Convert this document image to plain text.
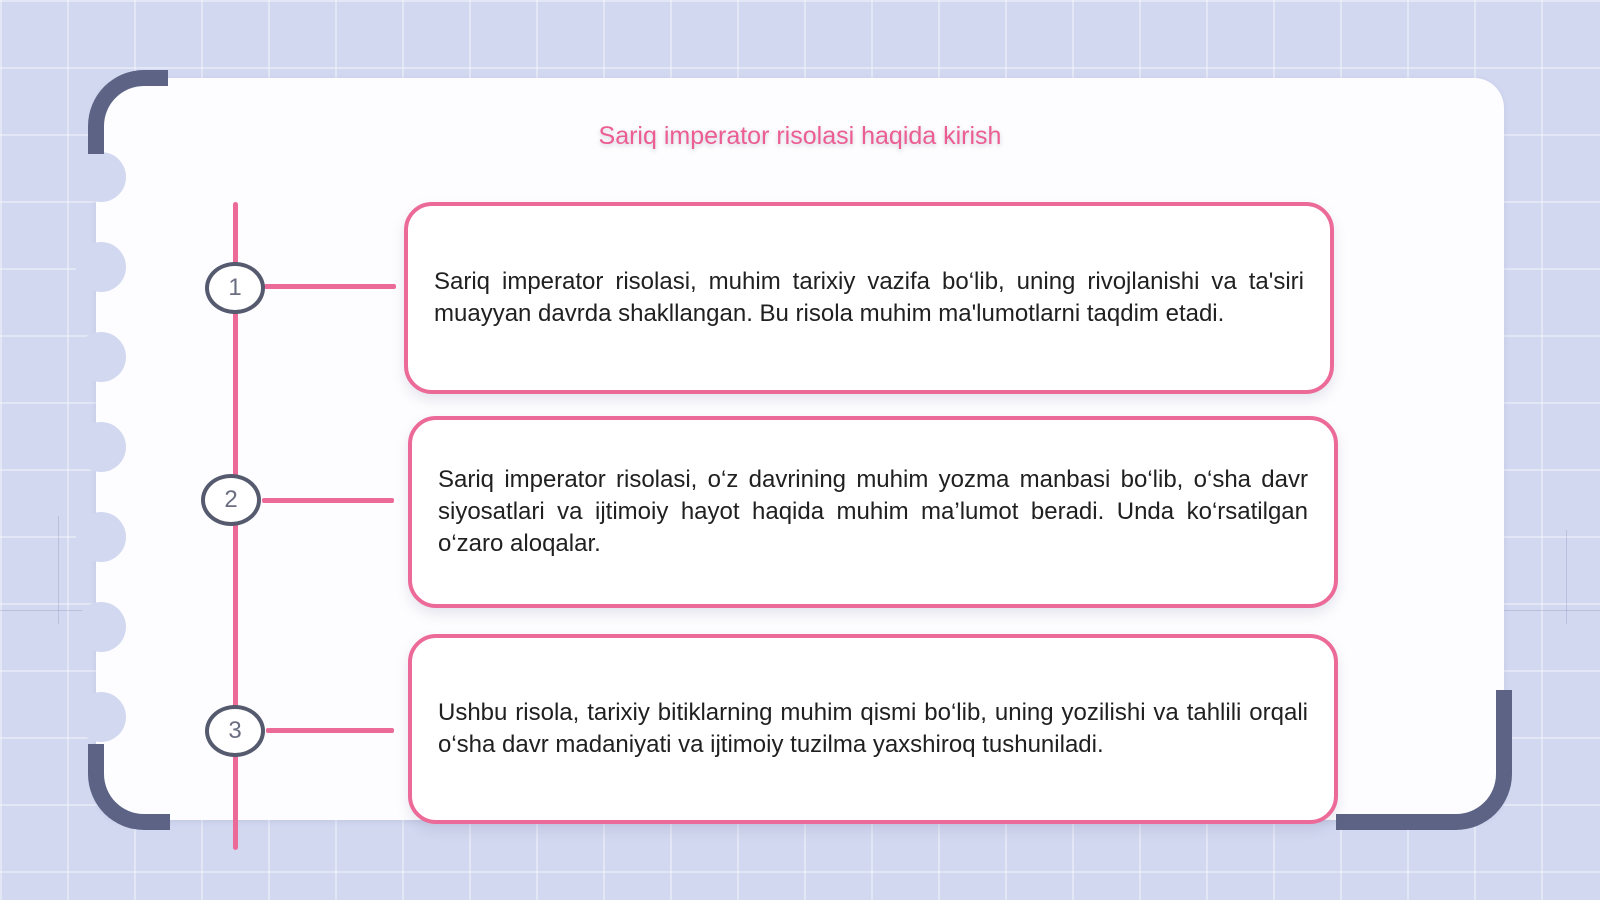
Sariq imperator risolasi haqida kirish
1
2
3

Sariq imperator risolasi, muhim tarixiy vazifa bo‘lib, uning rivojlanishi va ta'siri muayyan davrda shakllangan. Bu risola muhim ma'lumotlarni taqdim etadi.

Sariq imperator risolasi, o‘z davrining muhim yozma manbasi bo‘lib, o‘sha davr siyosatlari va ijtimoiy hayot haqida muhim ma’lumot beradi. Unda ko‘rsatilgan o‘zaro aloqalar.

Ushbu risola, tarixiy bitiklarning muhim qismi bo‘lib, uning yozilishi va tahlili orqali o‘sha davr madaniyati va ijtimoiy tuzilma yaxshiroq tushuniladi.
